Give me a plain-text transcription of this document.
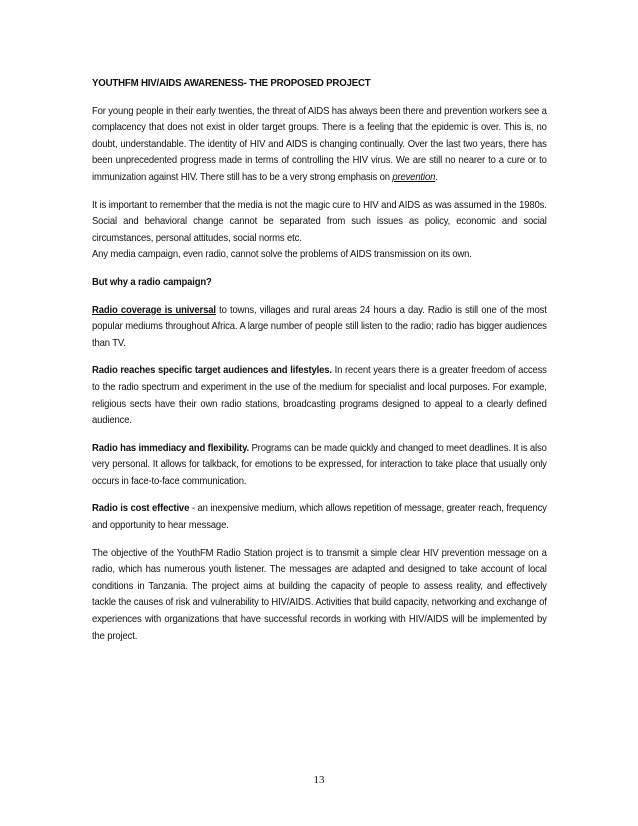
YOUTHFM HIV/AIDS AWARENESS- THE PROPOSED PROJECT

For young people in their early twenties, the threat of AIDS has always been there and prevention workers see a complacency that does not exist in older target groups. There is a feeling that the epidemic is over. This is, no doubt, understandable. The identity of HIV and AIDS is changing continually. Over the last two years, there has been unprecedented progress made in terms of controlling the HIV virus. We are still no nearer to a cure or to immunization against HIV. There still has to be a very strong emphasis on prevention.

It is important to remember that the media is not the magic cure to HIV and AIDS as was assumed in the 1980s. Social and behavioral change cannot be separated from such issues as policy, economic and social circumstances, personal attitudes, social norms etc.
Any media campaign, even radio, cannot solve the problems of AIDS transmission on its own.

But why a radio campaign?

Radio coverage is universal to towns, villages and rural areas 24 hours a day. Radio is still one of the most popular mediums throughout Africa. A large number of people still listen to the radio; radio has bigger audiences than TV.

Radio reaches specific target audiences and lifestyles. In recent years there is a greater freedom of access to the radio spectrum and experiment in the use of the medium for specialist and local purposes. For example, religious sects have their own radio stations, broadcasting programs designed to appeal to a clearly defined audience.

Radio has immediacy and flexibility. Programs can be made quickly and changed to meet deadlines. It is also very personal. It allows for talkback, for emotions to be expressed, for interaction to take place that usually only occurs in face-to-face communication.

Radio is cost effective - an inexpensive medium, which allows repetition of message, greater reach, frequency and opportunity to hear message.

The objective of the YouthFM Radio Station project is to transmit a simple clear HIV prevention message on a radio, which has numerous youth listener. The messages are adapted and designed to take account of local conditions in Tanzania. The project aims at building the capacity of people to assess reality, and effectively tackle the causes of risk and vulnerability to HIV/AIDS. Activities that build capacity, networking and exchange of experiences with organizations that have successful records in working with HIV/AIDS will be implemented by the project.

13
